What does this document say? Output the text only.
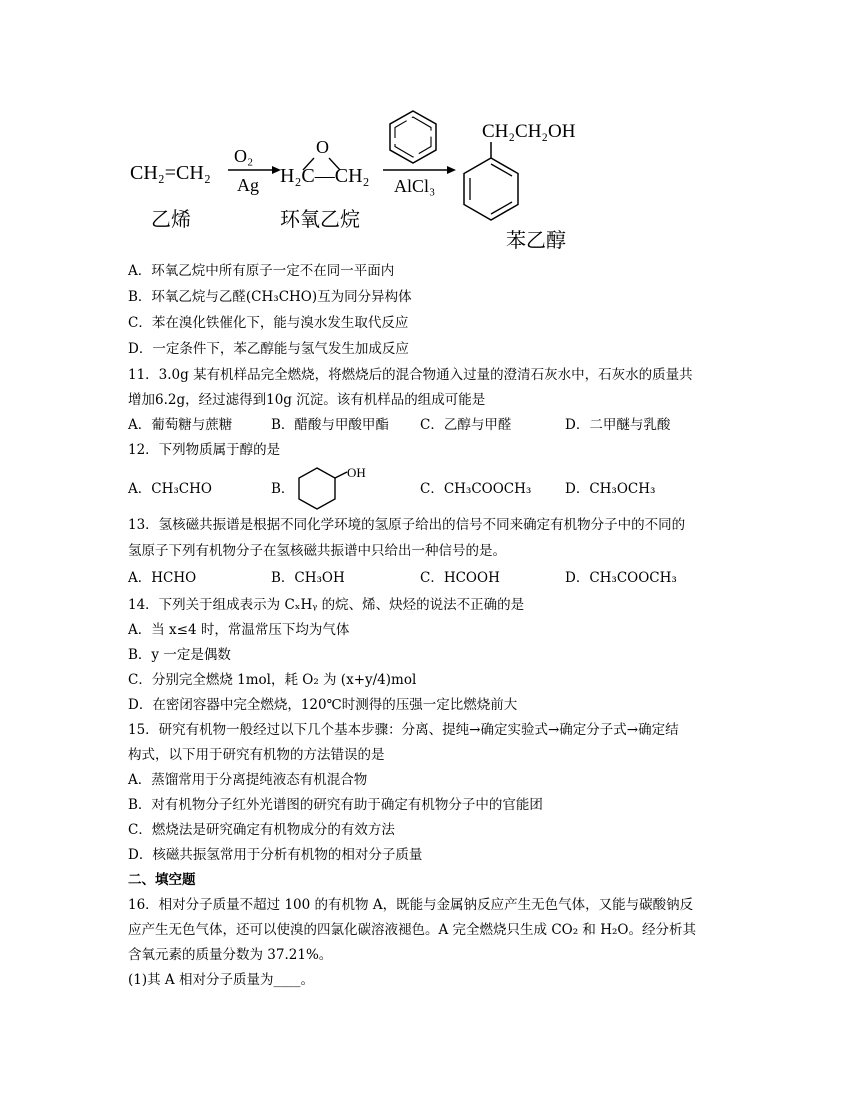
CH₂=CH₂
O₂
Ag
O
H₂C—CH₂ AlCl₃
CH₂CH₂OH
乙烯	环氧乙烷
苯乙醇
A．环氧乙烷中所有原子一定不在同一平面内
B．环氧乙烷与乙醛(CH₃CHO)互为同分异构体
C．苯在溴化铁催化下，能与溴水发生取代反应
D．一定条件下，苯乙醇能与氢气发生加成反应
11．3.0g 某有机样品完全燃烧，将燃烧后的混合物通入过量的澄清石灰水中，石灰水的质量共
增加6.2g，经过滤得到10g 沉淀。该有机样品的组成可能是
A．葡萄糖与蔗糖	B．醋酸与甲酸甲酯 C．乙醇与甲醛	D．二甲醚与乳酸
12．下列物质属于醇的是
A．CH₃CHO	B．
OH
C．CH₃COOCH₃ D．CH₃OCH₃
13．氢核磁共振谱是根据不同化学环境的氢原子给出的信号不同来确定有机物分子中的不同的
氢原子下列有机物分子在氢核磁共振谱中只给出一种信号的是。
A．HCHO	B．CH₃OH	C．HCOOH	D．CH₃COOCH₃
14．下列关于组成表示为 CₓHᵧ 的烷、烯、炔烃的说法不正确的是
A．当 x≤4 时，常温常压下均为气体
B．y 一定是偶数
C．分别完全燃烧 1mol，耗 O₂ 为 (x+y/4)mol
D．在密闭容器中完全燃烧，120℃时测得的压强一定比燃烧前大
15．研究有机物一般经过以下几个基本步骤：分离、提纯→确定实验式→确定分子式→确定结
构式，以下用于研究有机物的方法错误的是
A．蒸馏常用于分离提纯液态有机混合物
B．对有机物分子红外光谱图的研究有助于确定有机物分子中的官能团
C．燃烧法是研究确定有机物成分的有效方法
D．核磁共振氢常用于分析有机物的相对分子质量
二、填空题
16．相对分子质量不超过 100 的有机物 A，既能与金属钠反应产生无色气体，又能与碳酸钠反
应产生无色气体，还可以使溴的四氯化碳溶液褪色。A 完全燃烧只生成 CO₂ 和 H₂O。经分析其
含氧元素的质量分数为 37.21%。
(1)其 A 相对分子质量为____。
